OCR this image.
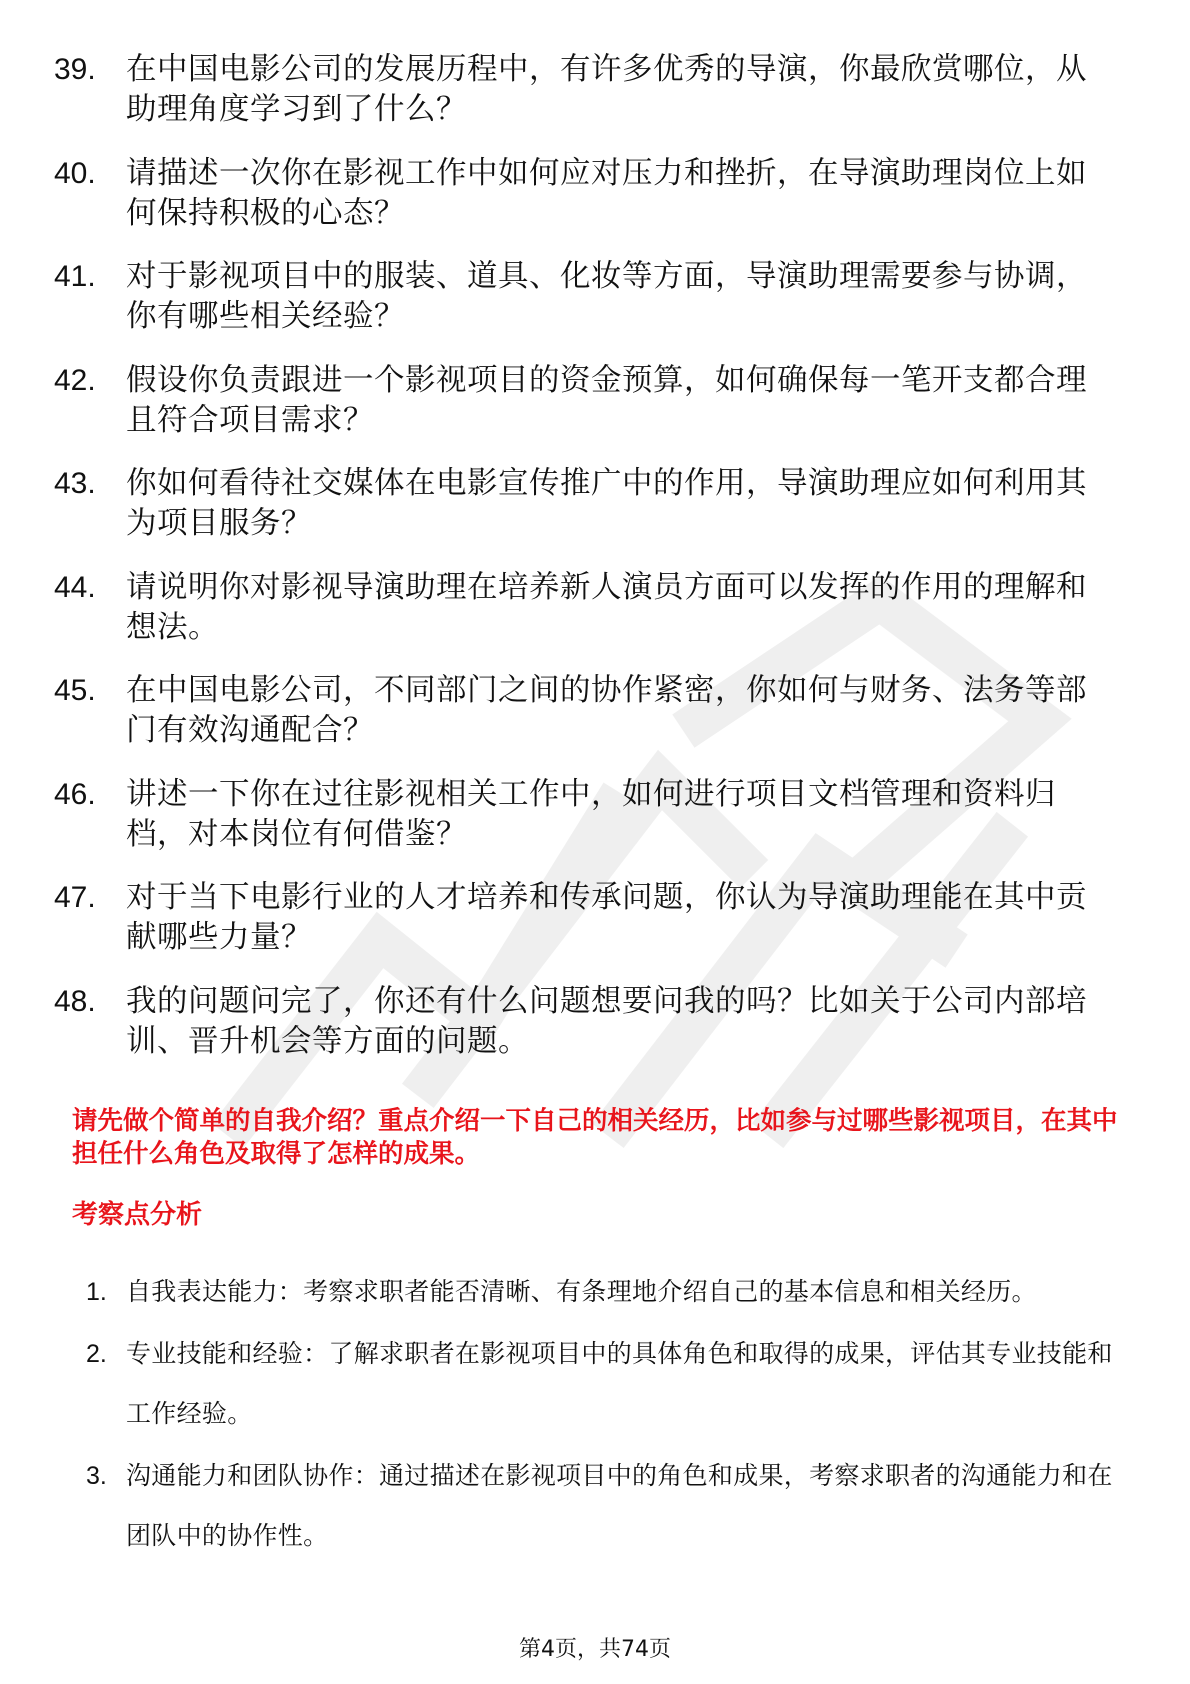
39. 在中国电影公司的发展历程中，有许多优秀的导演，你最欣赏哪位，从助理角度学习到了什么？
40. 请描述一次你在影视工作中如何应对压力和挫折，在导演助理岗位上如何保持积极的心态？
41. 对于影视项目中的服装、道具、化妆等方面，导演助理需要参与协调，你有哪些相关经验？
42. 假设你负责跟进一个影视项目的资金预算，如何确保每一笔开支都合理且符合项目需求？
43. 你如何看待社交媒体在电影宣传推广中的作用，导演助理应如何利用其为项目服务？
44. 请说明你对影视导演助理在培养新人演员方面可以发挥的作用的理解和想法。
45. 在中国电影公司，不同部门之间的协作紧密，你如何与财务、法务等部门有效沟通配合？
46. 讲述一下你在过往影视相关工作中，如何进行项目文档管理和资料归档，对本岗位有何借鉴？
47. 对于当下电影行业的人才培养和传承问题，你认为导演助理能在其中贡献哪些力量？
48. 我的问题问完了，你还有什么问题想要问我的吗？比如关于公司内部培训、晋升机会等方面的问题。

请先做个简单的自我介绍？重点介绍一下自己的相关经历，比如参与过哪些影视项目，在其中担任什么角色及取得了怎样的成果。

考察点分析
1. 自我表达能力：考察求职者能否清晰、有条理地介绍自己的基本信息和相关经历。
2. 专业技能和经验：了解求职者在影视项目中的具体角色和取得的成果，评估其专业技能和工作经验。
3. 沟通能力和团队协作：通过描述在影视项目中的角色和成果，考察求职者的沟通能力和在团队中的协作性。
第4页，共74页
